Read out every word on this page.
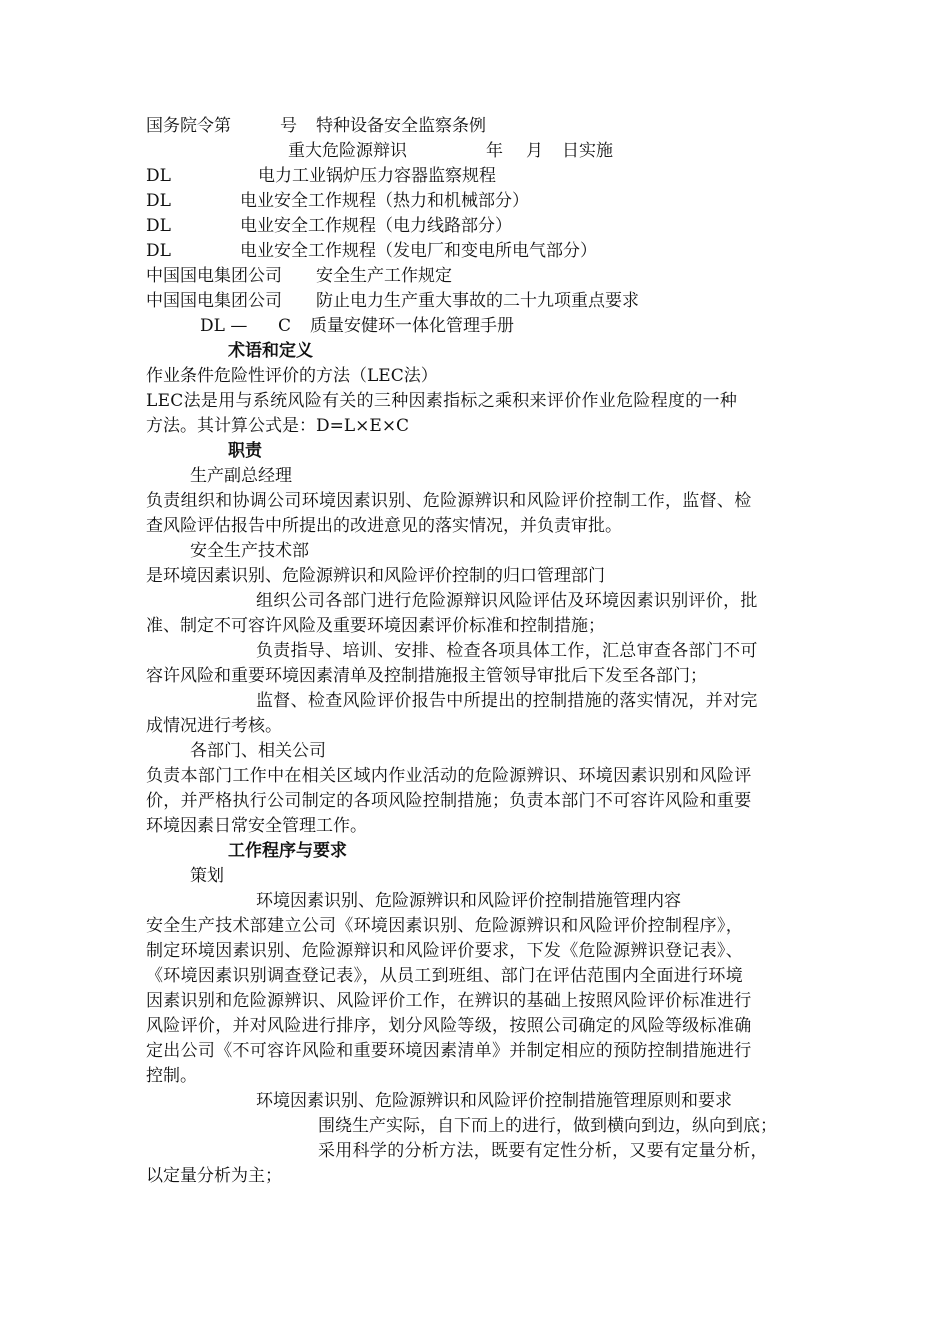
国务院令第	号 特种设备安全监察条例
重大危险源辩识	年 月 日实施
DL	电力工业锅炉压力容器监察规程
DL	电业安全工作规程（热力和机械部分）
DL	电业安全工作规程（电力线路部分）
DL	电业安全工作规程（发电厂和变电所电气部分）
中国国电集团公司 安全生产工作规定
中国国电集团公司 防止电力生产重大事故的二十九项重点要求
DL — C 质量安健环一体化管理手册
术语和定义
作业条件危险性评价的方法（LEC法）
LEC法是用与系统风险有关的三种因素指标之乘积来评价作业危险程度的一种
方法。其计算公式是：D=L×E×C
职责
生产副总经理
负责组织和协调公司环境因素识别、危险源辨识和风险评价控制工作，监督、检
查风险评估报告中所提出的改进意见的落实情况，并负责审批。
安全生产技术部
是环境因素识别、危险源辨识和风险评价控制的归口管理部门
组织公司各部门进行危险源辩识风险评估及环境因素识别评价，批
准、制定不可容许风险及重要环境因素评价标准和控制措施；
负责指导、培训、安排、检查各项具体工作，汇总审查各部门不可
容许风险和重要环境因素清单及控制措施报主管领导审批后下发至各部门；
监督、检查风险评价报告中所提出的控制措施的落实情况，并对完
成情况进行考核。
各部门、相关公司
负责本部门工作中在相关区域内作业活动的危险源辨识、环境因素识别和风险评
价，并严格执行公司制定的各项风险控制措施；负责本部门不可容许风险和重要
环境因素日常安全管理工作。
工作程序与要求
策划
环境因素识别、危险源辨识和风险评价控制措施管理内容
安全生产技术部建立公司《环境因素识别、危险源辨识和风险评价控制程序》，
制定环境因素识别、危险源辩识和风险评价要求，下发《危险源辨识登记表》、
《环境因素识别调查登记表》，从员工到班组、部门在评估范围内全面进行环境
因素识别和危险源辨识、风险评价工作，在辨识的基础上按照风险评价标准进行
风险评价，并对风险进行排序，划分风险等级，按照公司确定的风险等级标准确
定出公司《不可容许风险和重要环境因素清单》并制定相应的预防控制措施进行
控制。
环境因素识别、危险源辨识和风险评价控制措施管理原则和要求
围绕生产实际，自下而上的进行，做到横向到边，纵向到底；
采用科学的分析方法，既要有定性分析，又要有定量分析，
以定量分析为主；
